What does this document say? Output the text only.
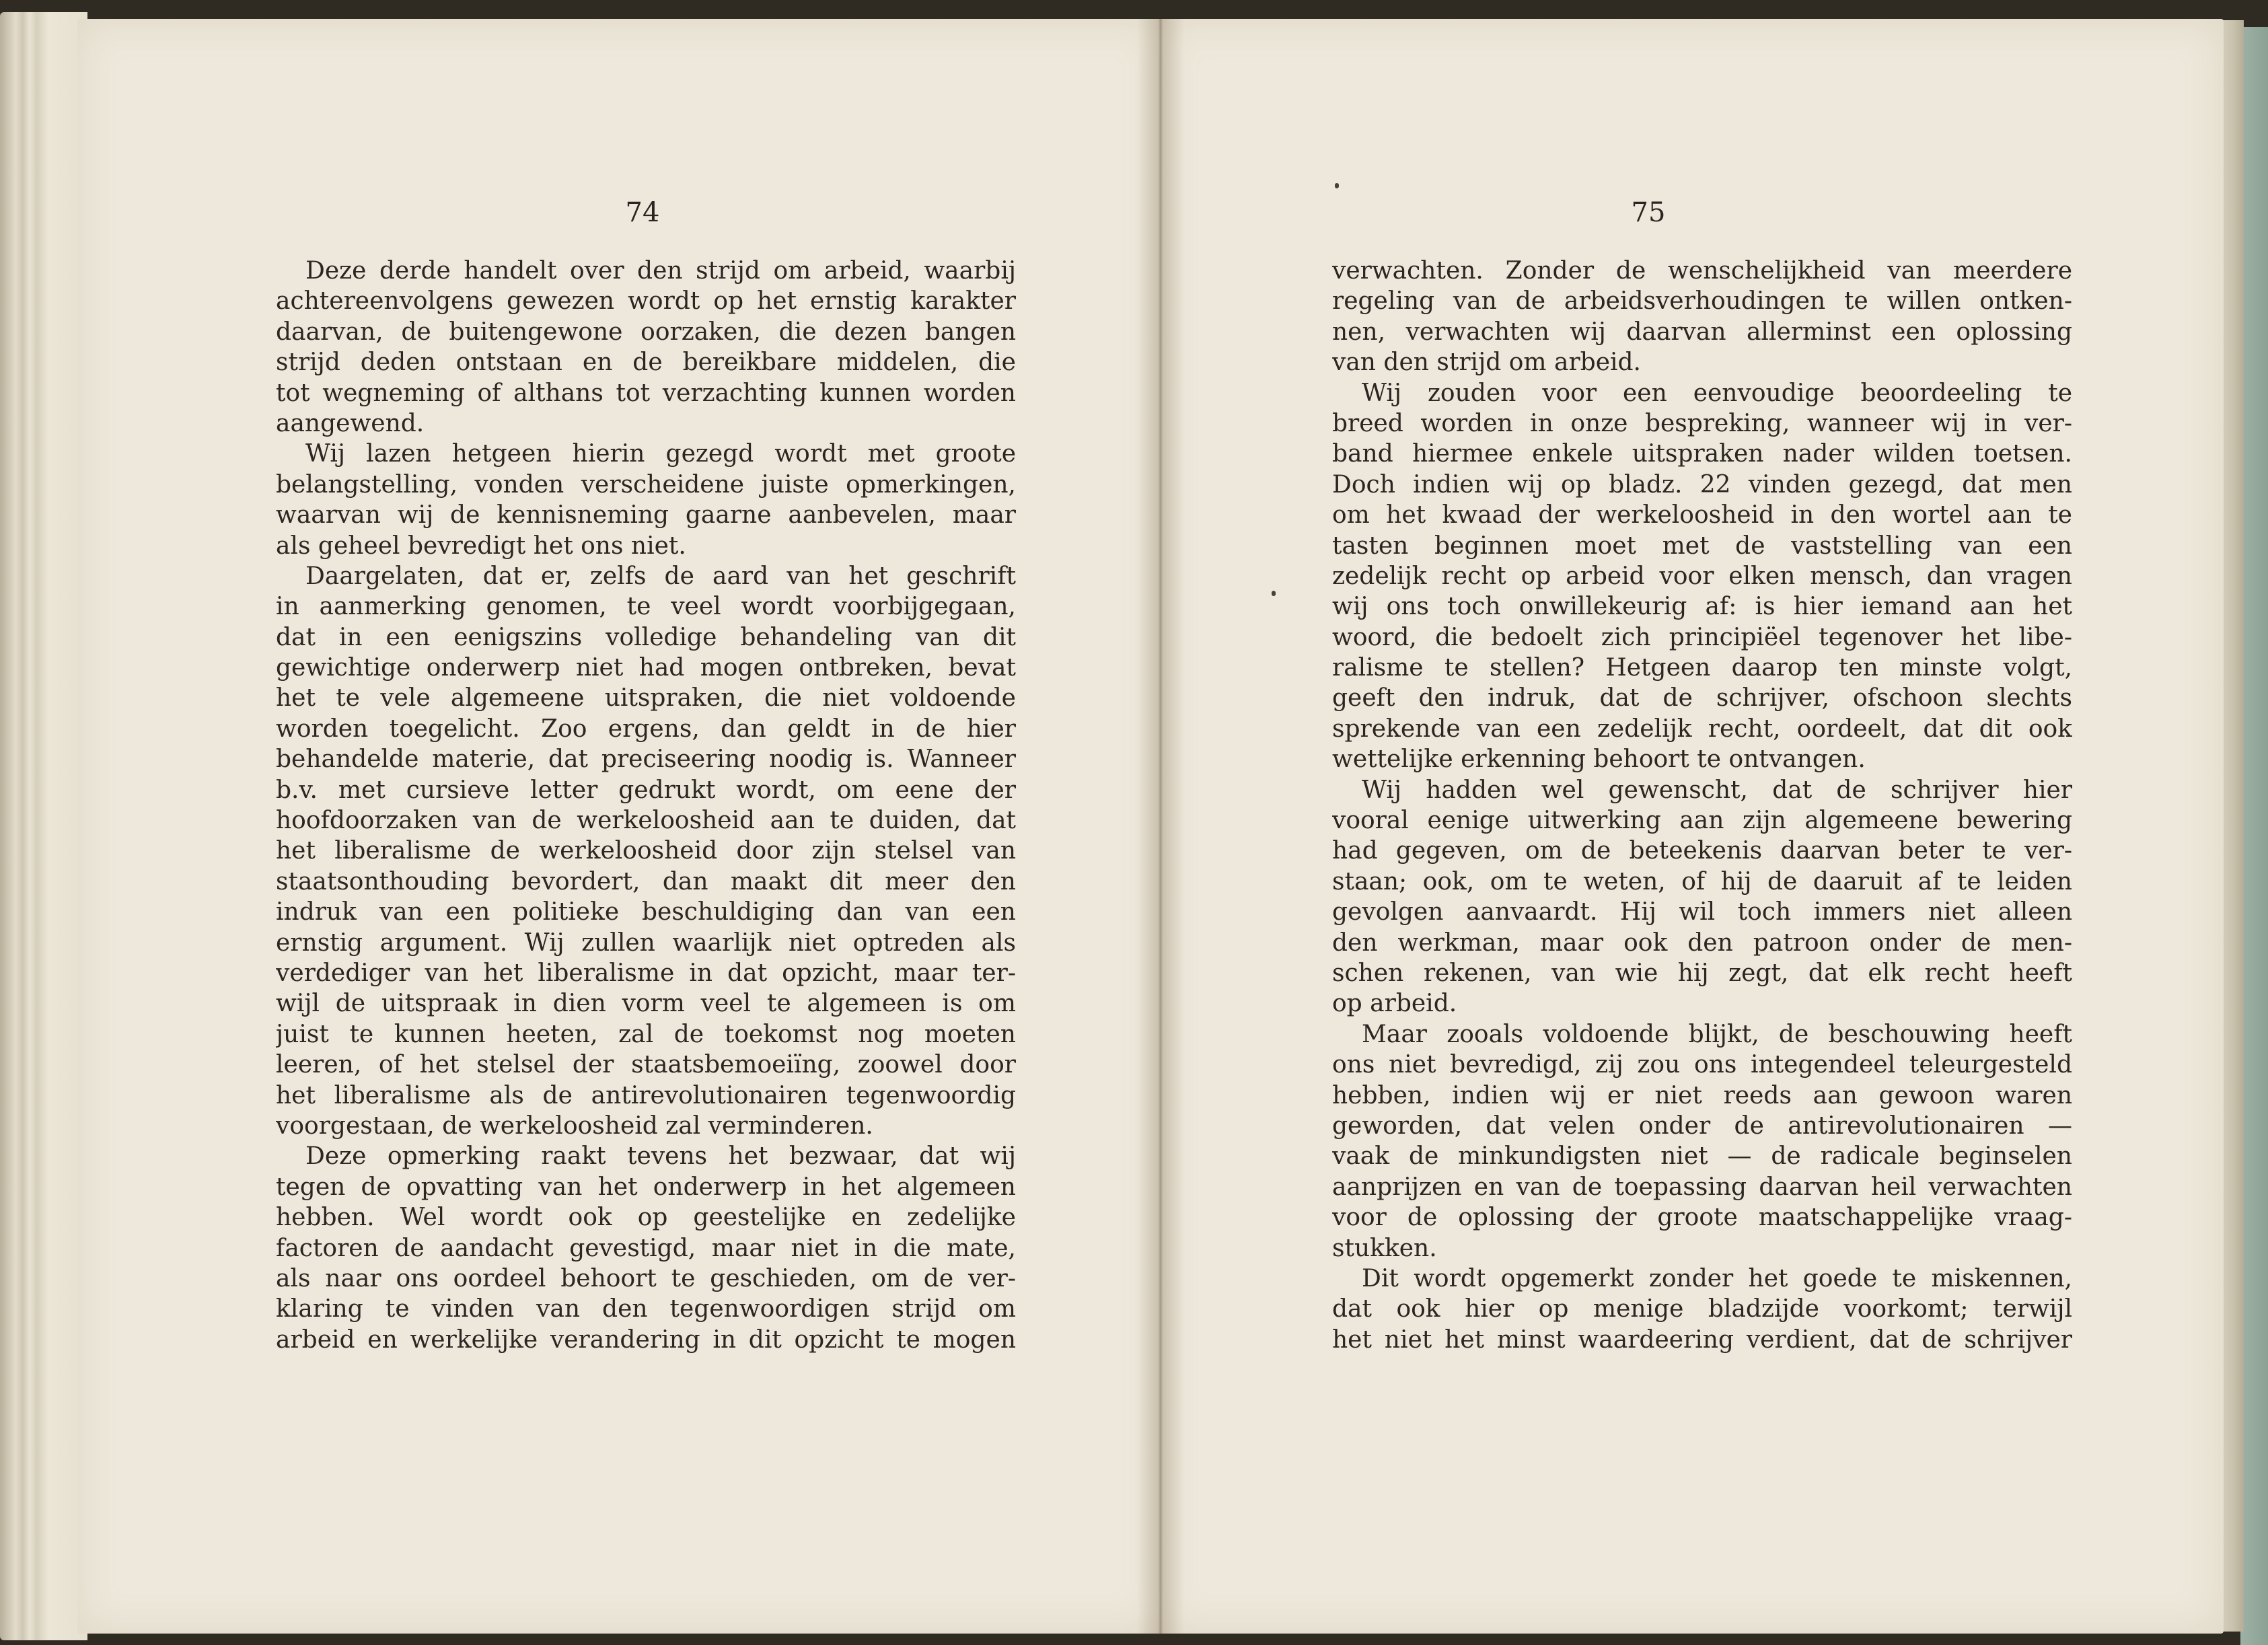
74
Deze derde handelt over den strijd om arbeid, waarbij
achtereenvolgens gewezen wordt op het ernstig karakter
daarvan, de buitengewone oorzaken, die dezen bangen
strijd deden ontstaan en de bereikbare middelen, die
tot wegneming of althans tot verzachting kunnen worden
aangewend.
Wij lazen hetgeen hierin gezegd wordt met groote
belangstelling, vonden verscheidene juiste opmerkingen,
waarvan wij de kennisneming gaarne aanbevelen, maar
als geheel bevredigt het ons niet.
Daargelaten, dat er, zelfs de aard van het geschrift
in aanmerking genomen, te veel wordt voorbijgegaan,
dat in een eenigszins volledige behandeling van dit
gewichtige onderwerp niet had mogen ontbreken, bevat
het te vele algemeene uitspraken, die niet voldoende
worden toegelicht. Zoo ergens, dan geldt in de hier
behandelde materie, dat preciseering noodig is. Wanneer
b.v. met cursieve letter gedrukt wordt, om eene der
hoofdoorzaken van de werkeloosheid aan te duiden, dat
het liberalisme de werkeloosheid door zijn stelsel van
staatsonthouding bevordert, dan maakt dit meer den
indruk van een politieke beschuldiging dan van een
ernstig argument. Wij zullen waarlijk niet optreden als
verdediger van het liberalisme in dat opzicht, maar ter-
wijl de uitspraak in dien vorm veel te algemeen is om
juist te kunnen heeten, zal de toekomst nog moeten
leeren, of het stelsel der staatsbemoeiïng, zoowel door
het liberalisme als de antirevolutionairen tegenwoordig
voorgestaan, de werkeloosheid zal verminderen.
Deze opmerking raakt tevens het bezwaar, dat wij
tegen de opvatting van het onderwerp in het algemeen
hebben. Wel wordt ook op geestelijke en zedelijke
factoren de aandacht gevestigd, maar niet in die mate,
als naar ons oordeel behoort te geschieden, om de ver-
klaring te vinden van den tegenwoordigen strijd om
arbeid en werkelijke verandering in dit opzicht te mogen
75
verwachten. Zonder de wenschelijkheid van meerdere
regeling van de arbeidsverhoudingen te willen ontken-
nen, verwachten wij daarvan allerminst een oplossing
van den strijd om arbeid.
Wij zouden voor een eenvoudige beoordeeling te
breed worden in onze bespreking, wanneer wij in ver-
band hiermee enkele uitspraken nader wilden toetsen.
Doch indien wij op bladz. 22 vinden gezegd, dat men
om het kwaad der werkeloosheid in den wortel aan te
tasten beginnen moet met de vaststelling van een
zedelijk recht op arbeid voor elken mensch, dan vragen
wij ons toch onwillekeurig af: is hier iemand aan het
woord, die bedoelt zich principiëel tegenover het libe-
ralisme te stellen? Hetgeen daarop ten minste volgt,
geeft den indruk, dat de schrijver, ofschoon slechts
sprekende van een zedelijk recht, oordeelt, dat dit ook
wettelijke erkenning behoort te ontvangen.
Wij hadden wel gewenscht, dat de schrijver hier
vooral eenige uitwerking aan zijn algemeene bewering
had gegeven, om de beteekenis daarvan beter te ver-
staan; ook, om te weten, of hij de daaruit af te leiden
gevolgen aanvaardt. Hij wil toch immers niet alleen
den werkman, maar ook den patroon onder de men-
schen rekenen, van wie hij zegt, dat elk recht heeft
op arbeid.
Maar zooals voldoende blijkt, de beschouwing heeft
ons niet bevredigd, zij zou ons integendeel teleurgesteld
hebben, indien wij er niet reeds aan gewoon waren
geworden, dat velen onder de antirevolutionairen —
vaak de minkundigsten niet — de radicale beginselen
aanprijzen en van de toepassing daarvan heil verwachten
voor de oplossing der groote maatschappelijke vraag-
stukken.
Dit wordt opgemerkt zonder het goede te miskennen,
dat ook hier op menige bladzijde voorkomt; terwijl
het niet het minst waardeering verdient, dat de schrijver
